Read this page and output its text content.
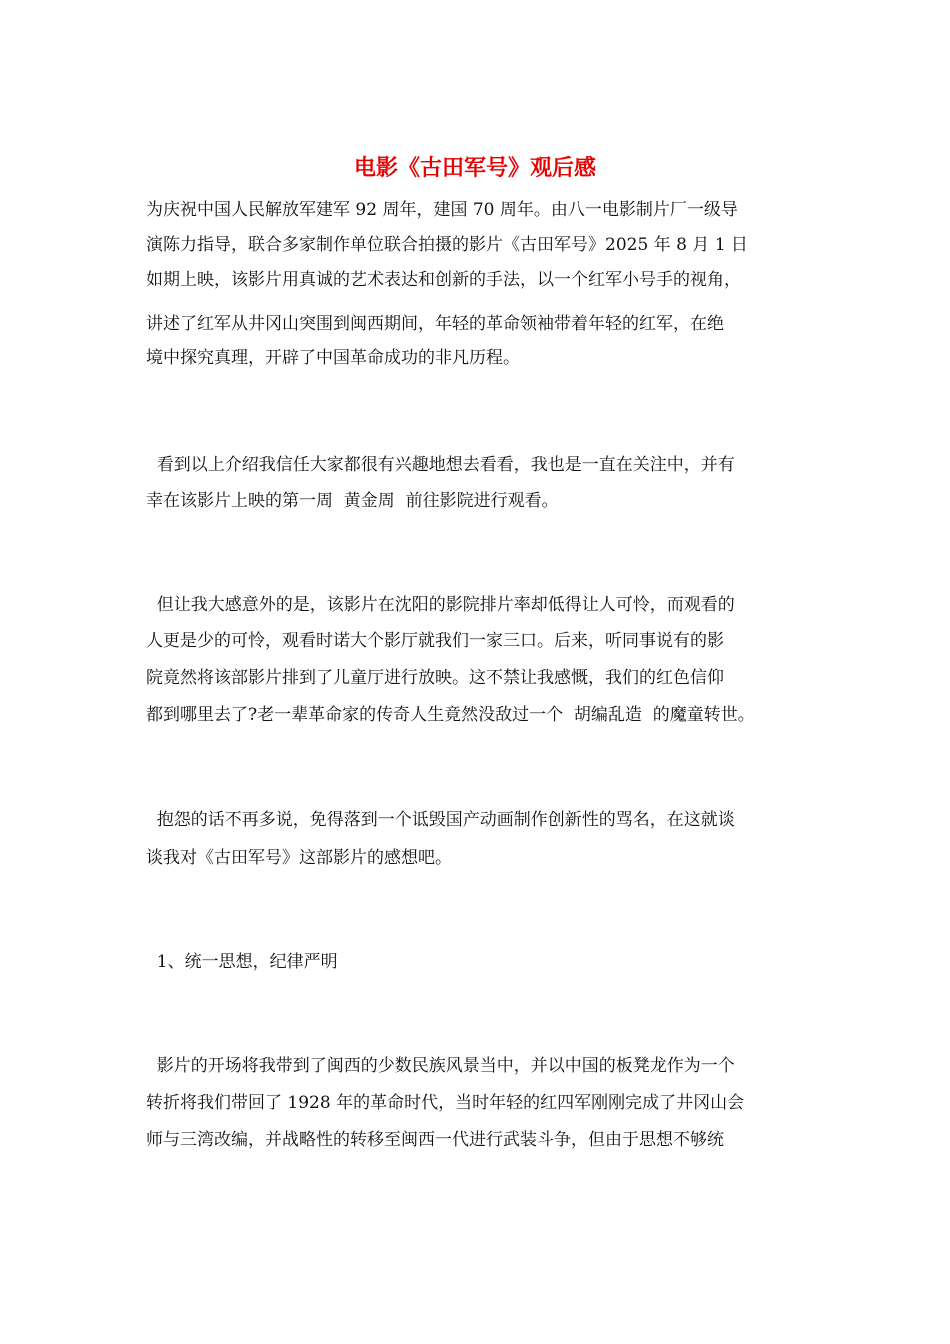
电影《古田军号》观后感
为庆祝中国人民解放军建军 92 周年，建国 70 周年。由八一电影制片厂一级导
演陈力指导，联合多家制作单位联合拍摄的影片《古田军号》2025 年 8 月 1 日
如期上映，该影片用真诚的艺术表达和创新的手法，以一个红军小号手的视角，
讲述了红军从井冈山突围到闽西期间，年轻的革命领袖带着年轻的红军，在绝
境中探究真理，开辟了中国革命成功的非凡历程。
看到以上介绍我信任大家都很有兴趣地想去看看，我也是一直在关注中，并有
幸在该影片上映的第一周  黄金周  前往影院进行观看。
但让我大感意外的是，该影片在沈阳的影院排片率却低得让人可怜，而观看的
人更是少的可怜，观看时诺大个影厅就我们一家三口。后来，听同事说有的影
院竟然将该部影片排到了儿童厅进行放映。这不禁让我感慨，我们的红色信仰
都到哪里去了?老一辈革命家的传奇人生竟然没敌过一个  胡编乱造  的魔童转世。
抱怨的话不再多说，免得落到一个诋毁国产动画制作创新性的骂名，在这就谈
谈我对《古田军号》这部影片的感想吧。
1、统一思想，纪律严明
影片的开场将我带到了闽西的少数民族风景当中，并以中国的板凳龙作为一个
转折将我们带回了 1928 年的革命时代，当时年轻的红四军刚刚完成了井冈山会
师与三湾改编，并战略性的转移至闽西一代进行武装斗争，但由于思想不够统
